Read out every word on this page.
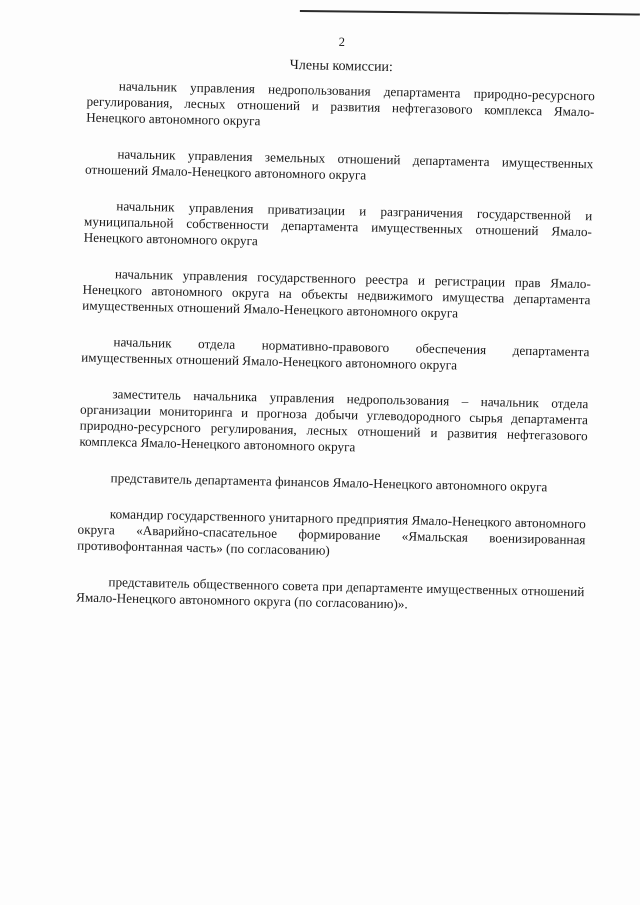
2
Члены комиссии:

начальник управления недропользования департамента природно-ресурсного регулирования, лесных отношений и развития нефтегазового комплекса Ямало-Ненецкого автономного округа

начальник управления земельных отношений департамента имущественных отношений Ямало-Ненецкого автономного округа

начальник управления приватизации и разграничения государственной и муниципальной собственности департамента имущественных отношений Ямало-Ненецкого автономного округа

начальник управления государственного реестра и регистрации прав Ямало-Ненецкого автономного округа на объекты недвижимого имущества департамента имущественных отношений Ямало-Ненецкого автономного округа

начальник отдела нормативно-правового обеспечения департамента имущественных отношений Ямало-Ненецкого автономного округа

заместитель начальника управления недропользования – начальник отдела организации мониторинга и прогноза добычи углеводородного сырья департамента природно-ресурсного регулирования, лесных отношений и развития нефтегазового комплекса Ямало-Ненецкого автономного округа

представитель департамента финансов Ямало-Ненецкого автономного округа

командир государственного унитарного предприятия Ямало-Ненецкого автономного округа «Аварийно-спасательное формирование «Ямальская военизированная противофонтанная часть» (по согласованию)

представитель общественного совета при департаменте имущественных отношений Ямало-Ненецкого автономного округа (по согласованию)».
